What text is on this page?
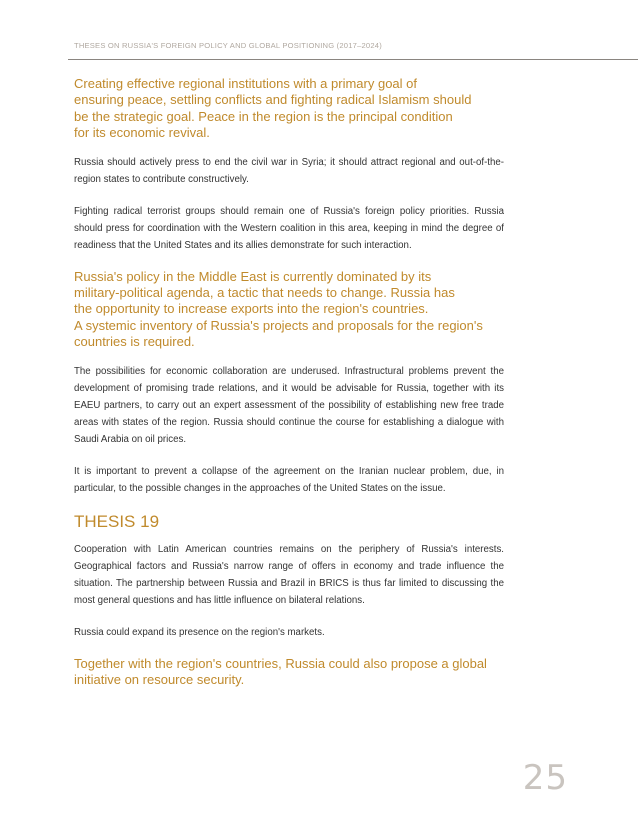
THESES ON RUSSIA'S FOREIGN POLICY AND GLOBAL POSITIONING (2017–2024)

Creating effective regional institutions with a primary goal of
ensuring peace, settling conflicts and fighting radical Islamism should
be the strategic goal. Peace in the region is the principal condition
for its economic revival.

Russia should actively press to end the civil war in Syria; it should attract regional and out-of-the-region states to contribute constructively.

Fighting radical terrorist groups should remain one of Russia's foreign policy priorities. Russia should press for coordination with the Western coalition in this area, keeping in mind the degree of readiness that the United States and its allies demonstrate for such interaction.

Russia's policy in the Middle East is currently dominated by its
military-political agenda, a tactic that needs to change. Russia has
the opportunity to increase exports into the region's countries.
A systemic inventory of Russia's projects and proposals for the region's
countries is required.

The possibilities for economic collaboration are underused. Infrastructural problems prevent the development of promising trade relations, and it would be advisable for Russia, together with its EAEU partners, to carry out an expert assessment of the possibility of establishing new free trade areas with states of the region. Russia should continue the course for establishing a dialogue with Saudi Arabia on oil prices.

It is important to prevent a collapse of the agreement on the Iranian nuclear problem, due, in particular, to the possible changes in the approaches of the United States on the issue.

THESIS 19

Cooperation with Latin American countries remains on the periphery of Russia's interests. Geographical factors and Russia's narrow range of offers in economy and trade influence the situation. The partnership between Russia and Brazil in BRICS is thus far limited to discussing the most general questions and has little influence on bilateral relations.

Russia could expand its presence on the region's markets.

Together with the region's countries, Russia could also propose a global
initiative on resource security.

25
